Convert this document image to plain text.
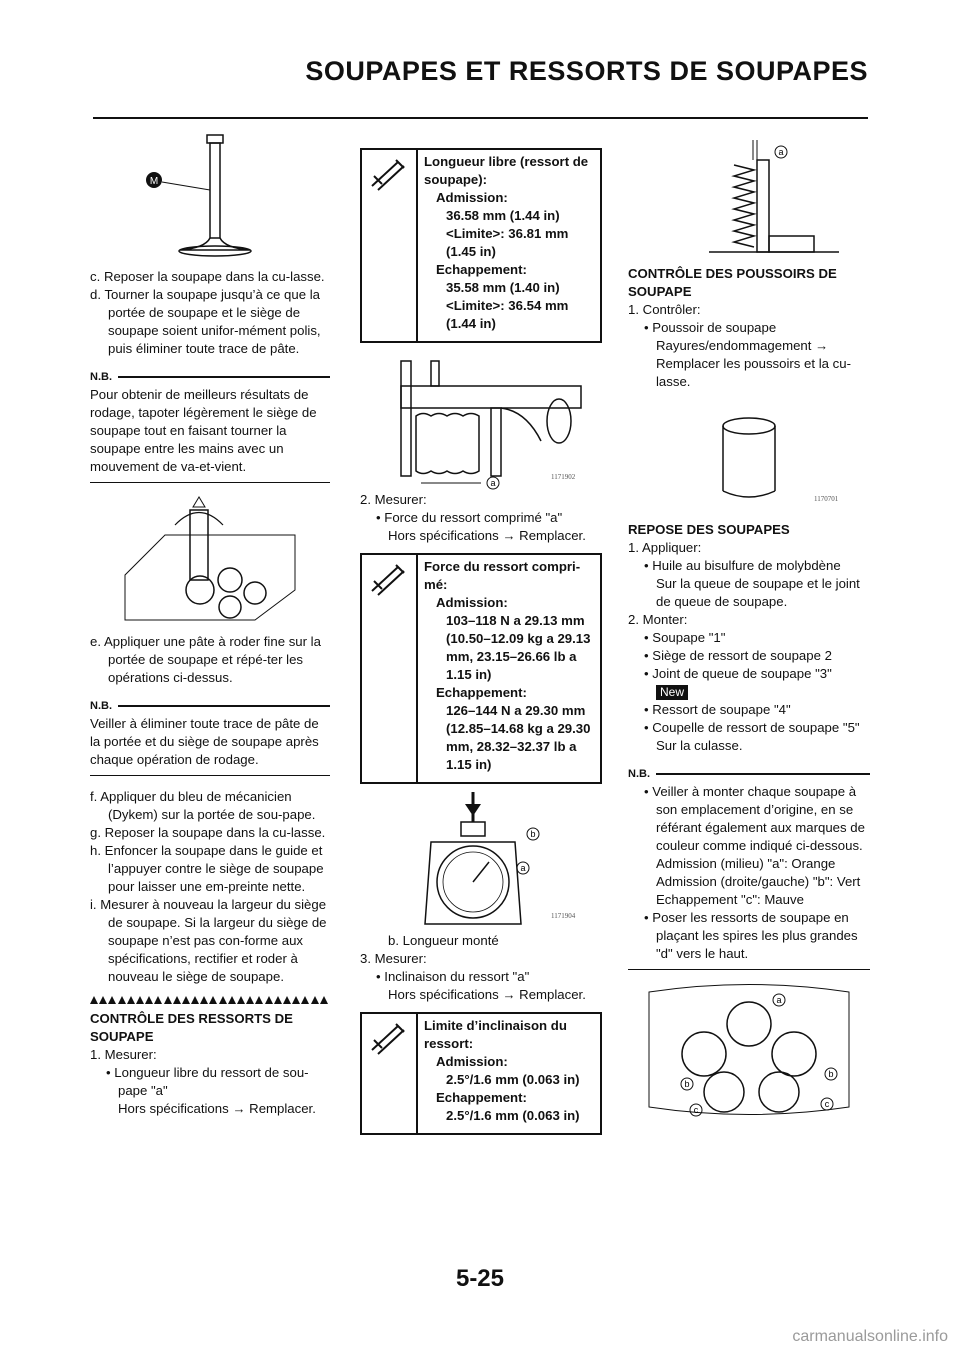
SOUPAPES ET RESSORTS DE SOUPAPES
M
c. Reposer la soupape dans la cu-lasse.
d. Tourner la soupape jusqu’à ce que la portée de soupape et le siège de soupape soient unifor-mément polis, puis éliminer toute trace de pâte.
N.B.
Pour obtenir de meilleurs résultats de rodage, tapoter légèrement le siège de soupape tout en faisant tourner la soupape entre les mains avec un mouvement de va-et-vient.
e. Appliquer une pâte à roder fine sur la portée de soupape et répé-ter les opérations ci-dessus.
N.B.
Veiller à éliminer toute trace de pâte de la portée et du siège de soupape après chaque opération de rodage.
f. Appliquer du bleu de mécanicien (Dykem) sur la portée de sou-pape.
g. Reposer la soupape dans la cu-lasse.
h. Enfoncer la soupape dans le guide et l’appuyer contre le siège de soupape pour laisser une em-preinte nette.
i. Mesurer à nouveau la largeur du siège de soupape. Si la largeur du siège de soupape n’est pas con-forme aux spécifications, rectifier et roder à nouveau le siège de soupape.
CONTRÔLE DES RESSORTS DE SOUPAPE
1. Mesurer:
• Longueur libre du ressort de sou-pape "a"
Hors spécifications → Remplacer.
Longueur libre (ressort de soupape):
Admission:
36.58 mm (1.44 in)
<Limite>: 36.81 mm (1.45 in)
Echappement:
35.58 mm (1.40 in)
<Limite>: 36.54 mm (1.44 in)
a
1171902
2. Mesurer:
• Force du ressort comprimé "a"
Hors spécifications → Remplacer.
Force du ressort compri-mé:
Admission:
103–118 N a 29.13 mm (10.50–12.09 kg a 29.13 mm, 23.15–26.66 lb a 1.15 in)
Echappement:
126–144 N a 29.30 mm (12.85–14.68 kg a 29.30 mm, 28.32–32.37 lb a 1.15 in)
b
a
1171904
b. Longueur monté
3. Mesurer:
• Inclinaison du ressort "a"
Hors spécifications → Remplacer.
Limite d’inclinaison du ressort:
Admission:
2.5°/1.6 mm (0.063 in)
Echappement:
2.5°/1.6 mm (0.063 in)
a
CONTRÔLE DES POUSSOIRS DE SOUPAPE
1. Contrôler:
• Poussoir de soupape
Rayures/endommagement → Remplacer les poussoirs et la cu-lasse.
1170701
REPOSE DES SOUPAPES
1. Appliquer:
• Huile au bisulfure de molybdène
Sur la queue de soupape et le joint de queue de soupape.
2. Monter:
• Soupape "1"
• Siège de ressort de soupape 2
• Joint de queue de soupape "3"
New
• Ressort de soupape "4"
• Coupelle de ressort de soupape "5"
Sur la culasse.
N.B.
• Veiller à monter chaque soupape à son emplacement d’origine, en se référant également aux marques de couleur comme indiqué ci-dessous. Admission (milieu) "a": Orange Admission (droite/gauche) "b": Vert Echappement "c": Mauve
• Poser les ressorts de soupape en plaçant les spires les plus grandes "d" vers le haut.
a
b
b
c
c
5-25
carmanualsonline.info
